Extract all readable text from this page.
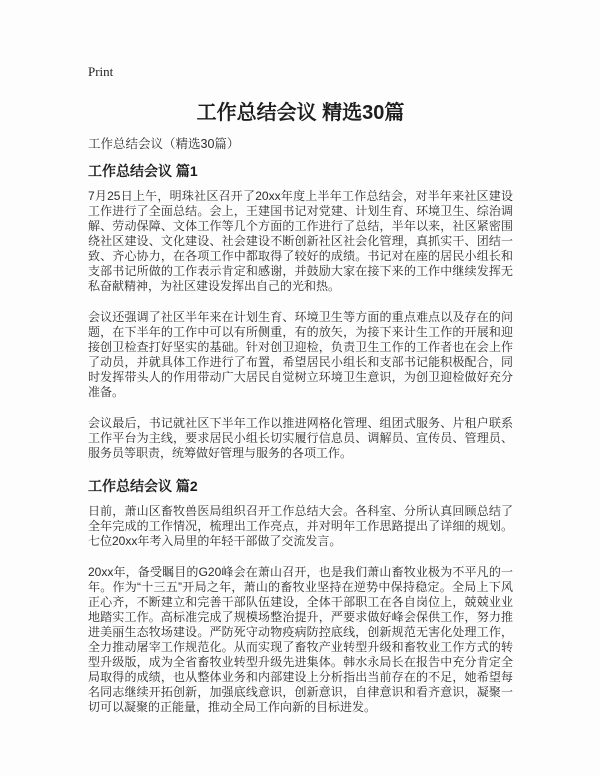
Print
工作总结会议 精选30篇

工作总结会议（精选30篇）

工作总结会议 篇1

7月25日上午，明珠社区召开了20xx年度上半年工作总结会，对半年来社区建设工作进行了全面总结。会上，王建国书记对党建、计划生育、环境卫生、综治调解、劳动保障、文体工作等几个方面的工作进行了总结，半年以来，社区紧密围绕社区建设、文化建设、社会建设不断创新社区社会化管理，真抓实干、团结一致、齐心协力，在各项工作中都取得了较好的成绩。书记对在座的居民小组长和支部书记所做的工作表示肯定和感谢，并鼓励大家在接下来的工作中继续发挥无私奋献精神，为社区建设发挥出自己的光和热。

会议还强调了社区半年来在计划生育、环境卫生等方面的重点难点以及存在的问题，在下半年的工作中可以有所侧重，有的放矢，为接下来计生工作的开展和迎接创卫检查打好坚实的基础。针对创卫迎检，负责卫生工作的工作者也在会上作了动员，并就具体工作进行了布置，希望居民小组长和支部书记能积极配合，同时发挥带头人的作用带动广大居民自觉树立环境卫生意识，为创卫迎检做好充分准备。

会议最后，书记就社区下半年工作以推进网格化管理、组团式服务、片租户联系工作平台为主线，要求居民小组长切实履行信息员、调解员、宣传员、管理员、服务员等职责，统筹做好管理与服务的各项工作。

工作总结会议 篇2

日前，萧山区畜牧兽医局组织召开工作总结大会。各科室、分所认真回顾总结了全年完成的工作情况，梳理出工作亮点，并对明年工作思路提出了详细的规划。七位20xx年考入局里的年轻干部做了交流发言。

20xx年，备受瞩目的G20峰会在萧山召开，也是我们萧山畜牧业极为不平凡的一年。作为“十三五”开局之年，萧山的畜牧业坚持在逆势中保持稳定。全局上下风正心齐，不断建立和完善干部队伍建设，全体干部职工在各自岗位上，兢兢业业地踏实工作。高标准完成了规模场整治提升，严要求做好峰会保供工作，努力推进美丽生态牧场建设。严防死守动物疫病防控底线，创新规范无害化处理工作，全力推动屠宰工作规范化。从而实现了畜牧产业转型升级和畜牧业工作方式的转型升级版，成为全省畜牧业转型升级先进集体。韩水永局长在报告中充分肯定全局取得的成绩，也从整体业务和内部建设上分析指出当前存在的不足，她希望每名同志继续开拓创新，加强底线意识，创新意识，自律意识和看齐意识，凝聚一切可以凝聚的正能量，推动全局工作向新的目标进发。
